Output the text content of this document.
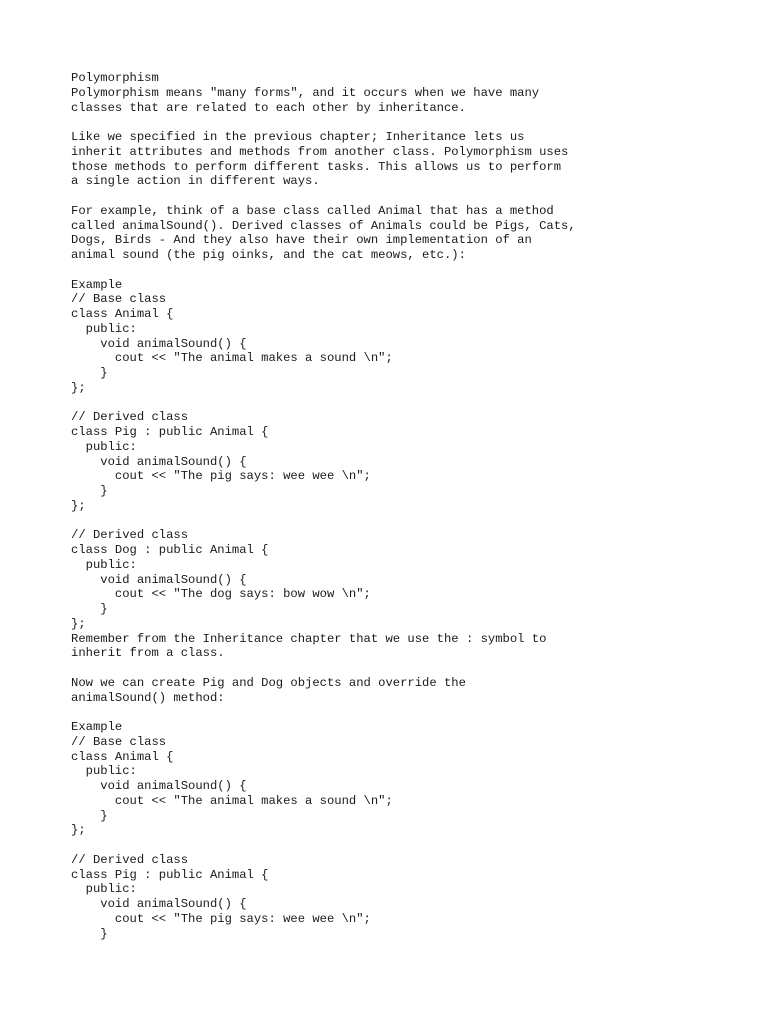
Polymorphism
Polymorphism means "many forms", and it occurs when we have many
classes that are related to each other by inheritance.
Like we specified in the previous chapter; Inheritance lets us
inherit attributes and methods from another class. Polymorphism uses
those methods to perform different tasks. This allows us to perform
a single action in different ways.
For example, think of a base class called Animal that has a method
called animalSound(). Derived classes of Animals could be Pigs, Cats,
Dogs, Birds - And they also have their own implementation of an
animal sound (the pig oinks, and the cat meows, etc.):
Example
// Base class
class Animal {
public:
void animalSound() {
cout << "The animal makes a sound \n";
}
};
// Derived class
class Pig : public Animal {
public:
void animalSound() {
cout << "The pig says: wee wee \n";
}
};
// Derived class
class Dog : public Animal {
public:
void animalSound() {
cout << "The dog says: bow wow \n";
}
};
Remember from the Inheritance chapter that we use the : symbol to
inherit from a class.
Now we can create Pig and Dog objects and override the
animalSound() method:
Example
// Base class
class Animal {
public:
void animalSound() {
cout << "The animal makes a sound \n";
}
};
// Derived class
class Pig : public Animal {
public:
void animalSound() {
cout << "The pig says: wee wee \n";
}
